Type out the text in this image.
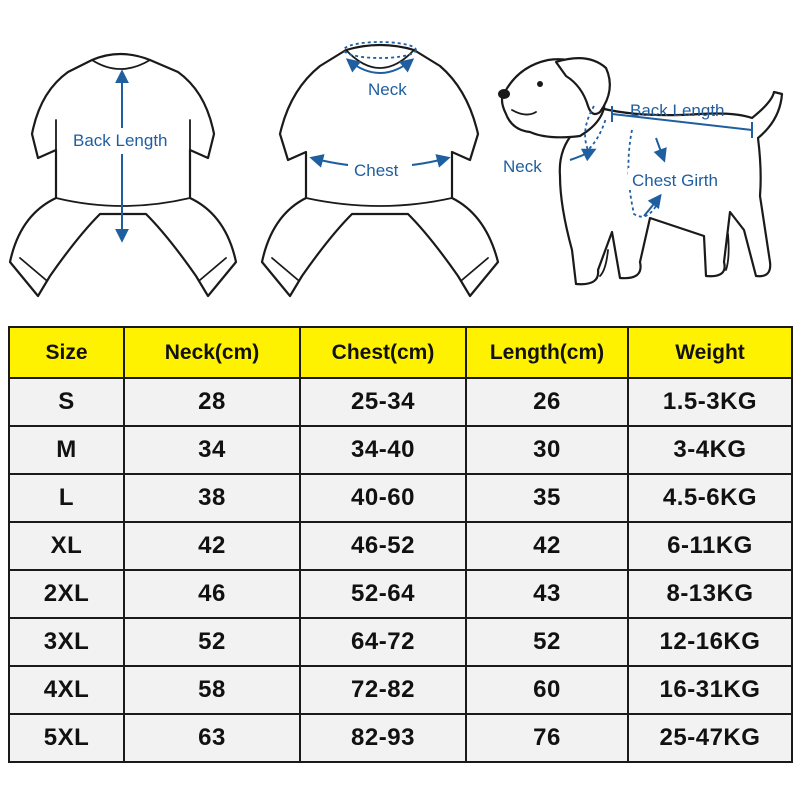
Back Length
Neck
Chest
Back Length
Neck
Chest Girth
Size	Neck(cm)	Chest(cm)	Length(cm)	Weight
S	28	25-34	26	1.5-3KG
M	34	34-40	30	3-4KG
L	38	40-60	35	4.5-6KG
XL	42	46-52	42	6-11KG
2XL	46	52-64	43	8-13KG
3XL	52	64-72	52	12-16KG
4XL	58	72-82	60	16-31KG
5XL	63	82-93	76	25-47KG
